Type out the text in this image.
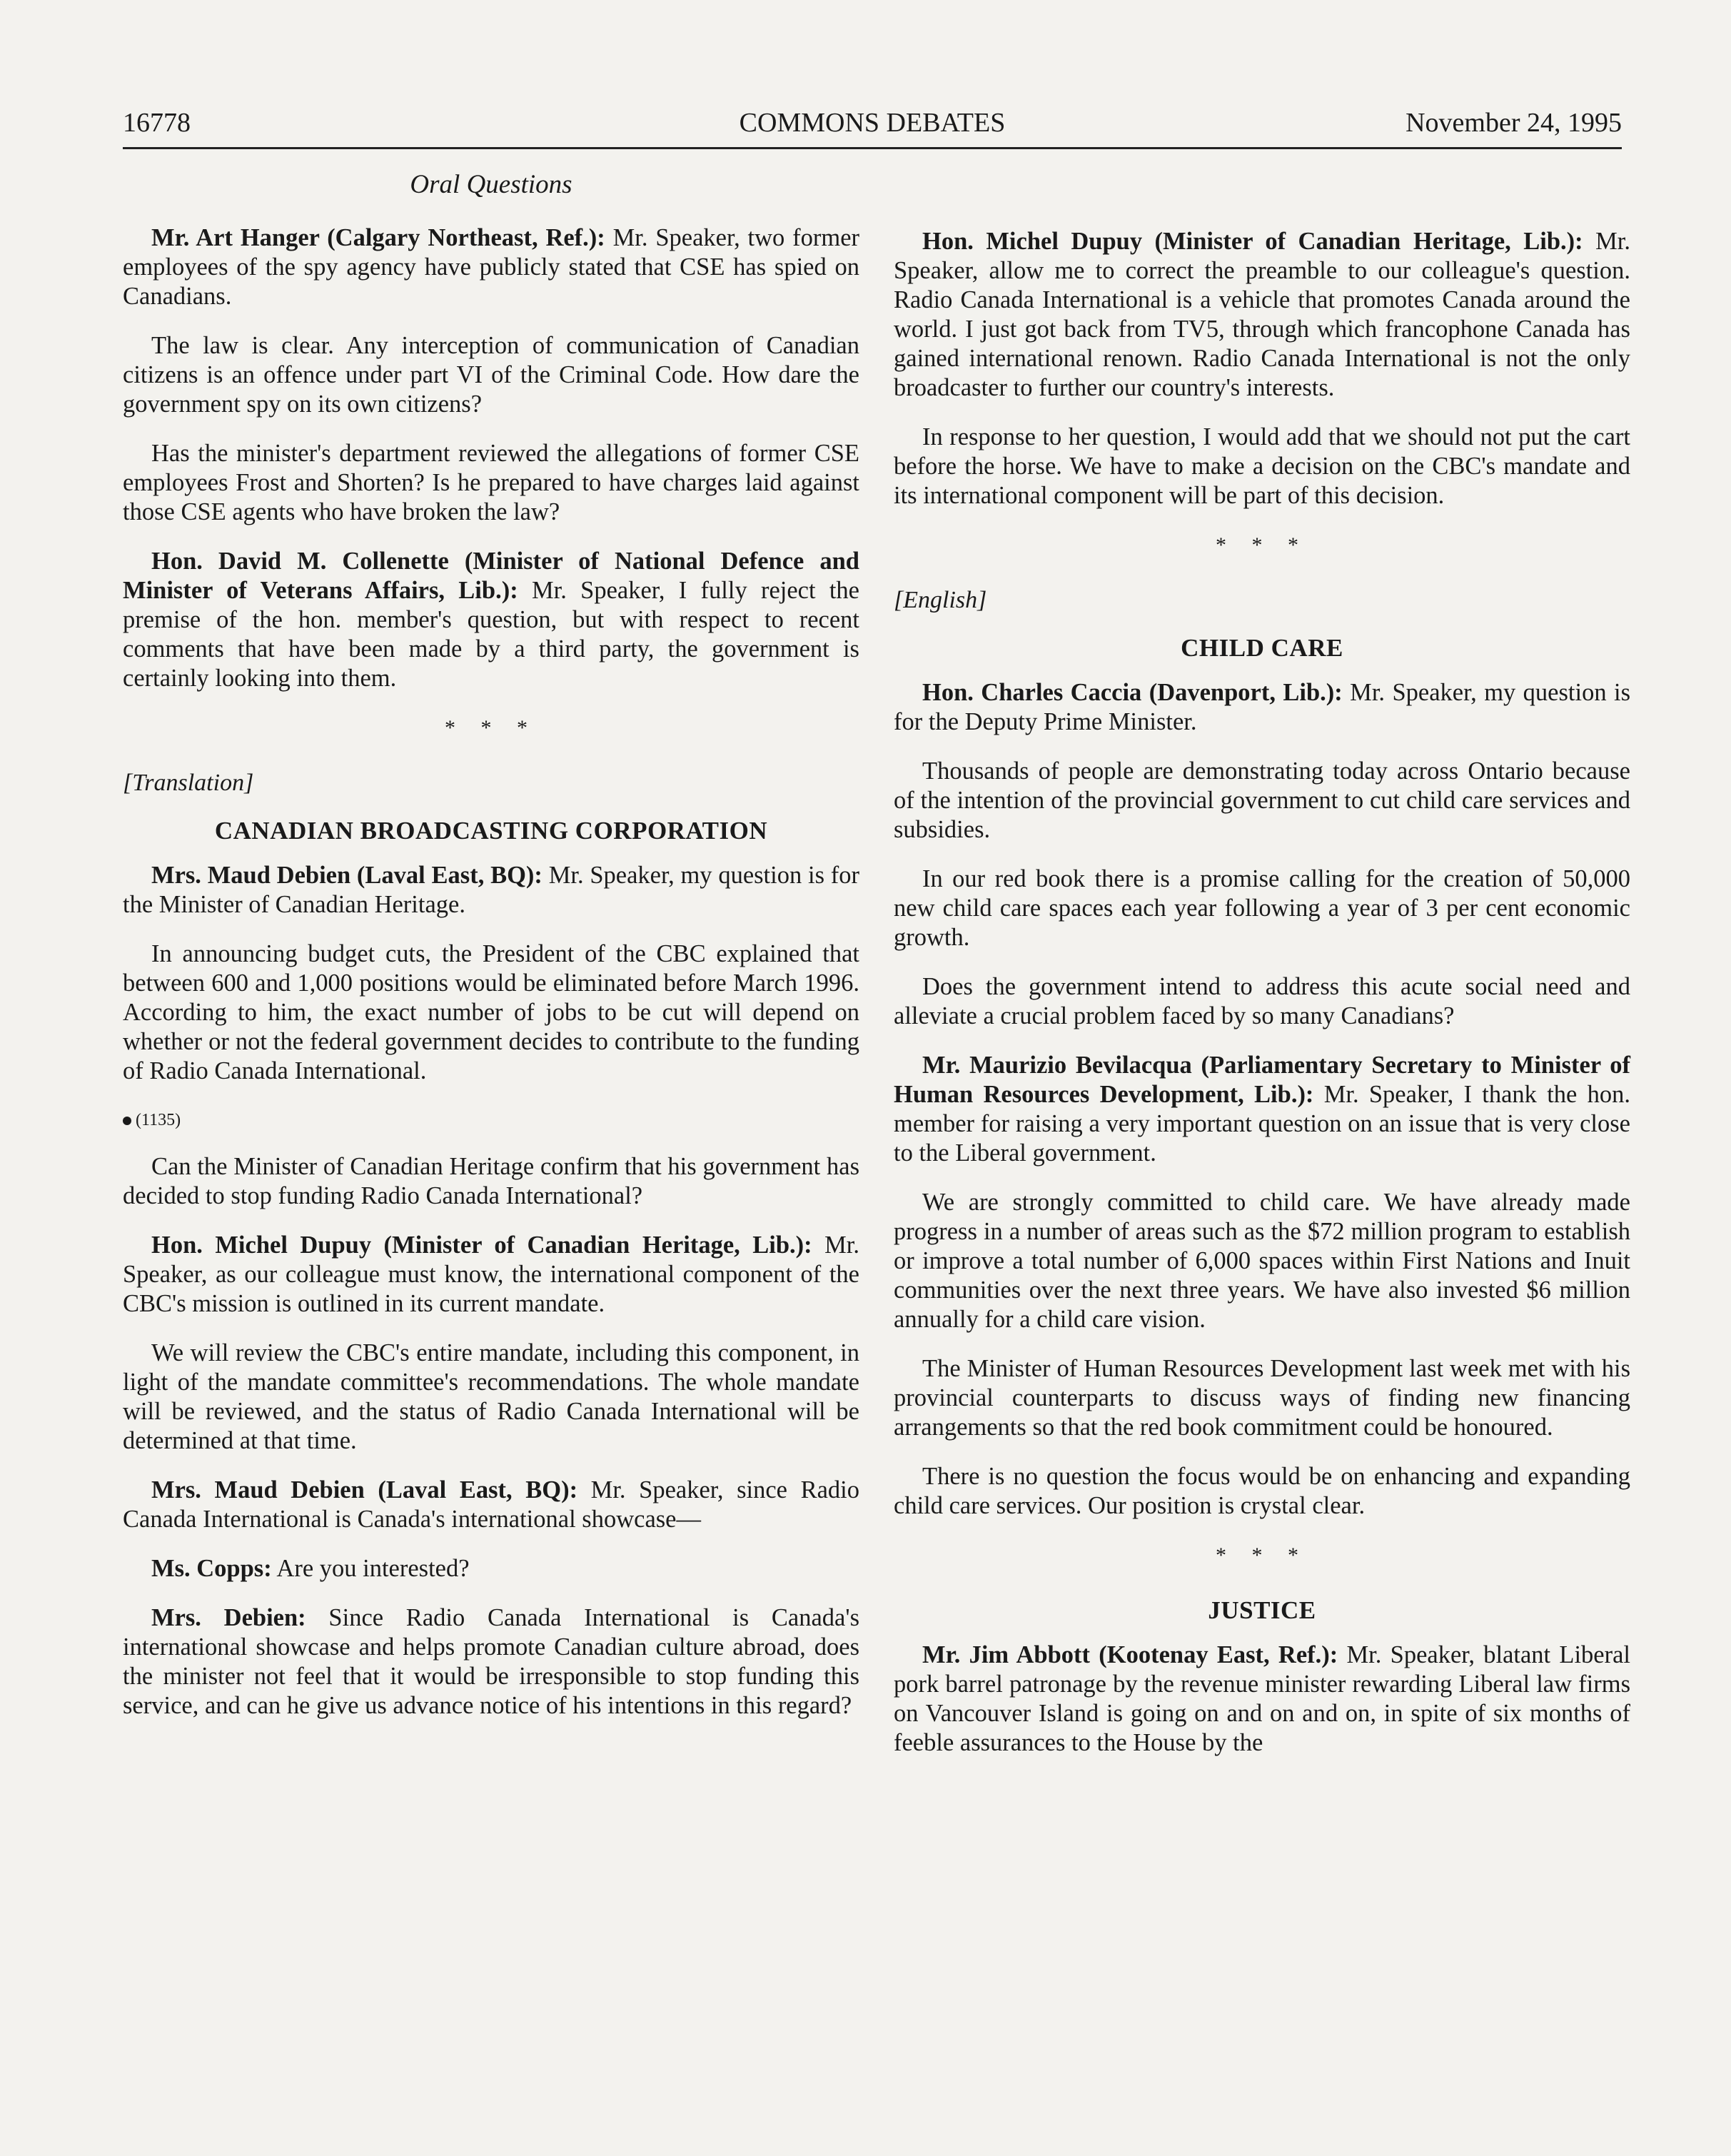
16778	COMMONS DEBATES	November 24, 1995
Oral Questions

Mr. Art Hanger (Calgary Northeast, Ref.): Mr. Speaker, two former employees of the spy agency have publicly stated that CSE has spied on Canadians.

The law is clear. Any interception of communication of Canadian citizens is an offence under part VI of the Criminal Code. How dare the government spy on its own citizens?

Has the minister's department reviewed the allegations of former CSE employees Frost and Shorten? Is he prepared to have charges laid against those CSE agents who have broken the law?

Hon. David M. Collenette (Minister of National Defence and Minister of Veterans Affairs, Lib.): Mr. Speaker, I fully reject the premise of the hon. member's question, but with respect to recent comments that have been made by a third party, the government is certainly looking into them.

* * *
[Translation]
CANADIAN BROADCASTING CORPORATION

Mrs. Maud Debien (Laval East, BQ): Mr. Speaker, my question is for the Minister of Canadian Heritage.

In announcing budget cuts, the President of the CBC explained that between 600 and 1,000 positions would be eliminated before March 1996. According to him, the exact number of jobs to be cut will depend on whether or not the federal government decides to contribute to the funding of Radio Canada International.

(1135)

Can the Minister of Canadian Heritage confirm that his government has decided to stop funding Radio Canada International?

Hon. Michel Dupuy (Minister of Canadian Heritage, Lib.): Mr. Speaker, as our colleague must know, the international component of the CBC's mission is outlined in its current mandate.

We will review the CBC's entire mandate, including this component, in light of the mandate committee's recommendations. The whole mandate will be reviewed, and the status of Radio Canada International will be determined at that time.

Mrs. Maud Debien (Laval East, BQ): Mr. Speaker, since Radio Canada International is Canada's international showcase—

Ms. Copps: Are you interested?

Mrs. Debien: Since Radio Canada International is Canada's international showcase and helps promote Canadian culture abroad, does the minister not feel that it would be irresponsible to stop funding this service, and can he give us advance notice of his intentions in this regard?

Hon. Michel Dupuy (Minister of Canadian Heritage, Lib.): Mr. Speaker, allow me to correct the preamble to our colleague's question. Radio Canada International is a vehicle that promotes Canada around the world. I just got back from TV5, through which francophone Canada has gained international renown. Radio Canada International is not the only broadcaster to further our country's interests.

In response to her question, I would add that we should not put the cart before the horse. We have to make a decision on the CBC's mandate and its international component will be part of this decision.

* * *
[English]
CHILD CARE

Hon. Charles Caccia (Davenport, Lib.): Mr. Speaker, my question is for the Deputy Prime Minister.

Thousands of people are demonstrating today across Ontario because of the intention of the provincial government to cut child care services and subsidies.

In our red book there is a promise calling for the creation of 50,000 new child care spaces each year following a year of 3 per cent economic growth.

Does the government intend to address this acute social need and alleviate a crucial problem faced by so many Canadians?

Mr. Maurizio Bevilacqua (Parliamentary Secretary to Minister of Human Resources Development, Lib.): Mr. Speaker, I thank the hon. member for raising a very important question on an issue that is very close to the Liberal government.

We are strongly committed to child care. We have already made progress in a number of areas such as the $72 million program to establish or improve a total number of 6,000 spaces within First Nations and Inuit communities over the next three years. We have also invested $6 million annually for a child care vision.

The Minister of Human Resources Development last week met with his provincial counterparts to discuss ways of finding new financing arrangements so that the red book commitment could be honoured.

There is no question the focus would be on enhancing and expanding child care services. Our position is crystal clear.

* * *
JUSTICE

Mr. Jim Abbott (Kootenay East, Ref.): Mr. Speaker, blatant Liberal pork barrel patronage by the revenue minister rewarding Liberal law firms on Vancouver Island is going on and on and on, in spite of six months of feeble assurances to the House by the
